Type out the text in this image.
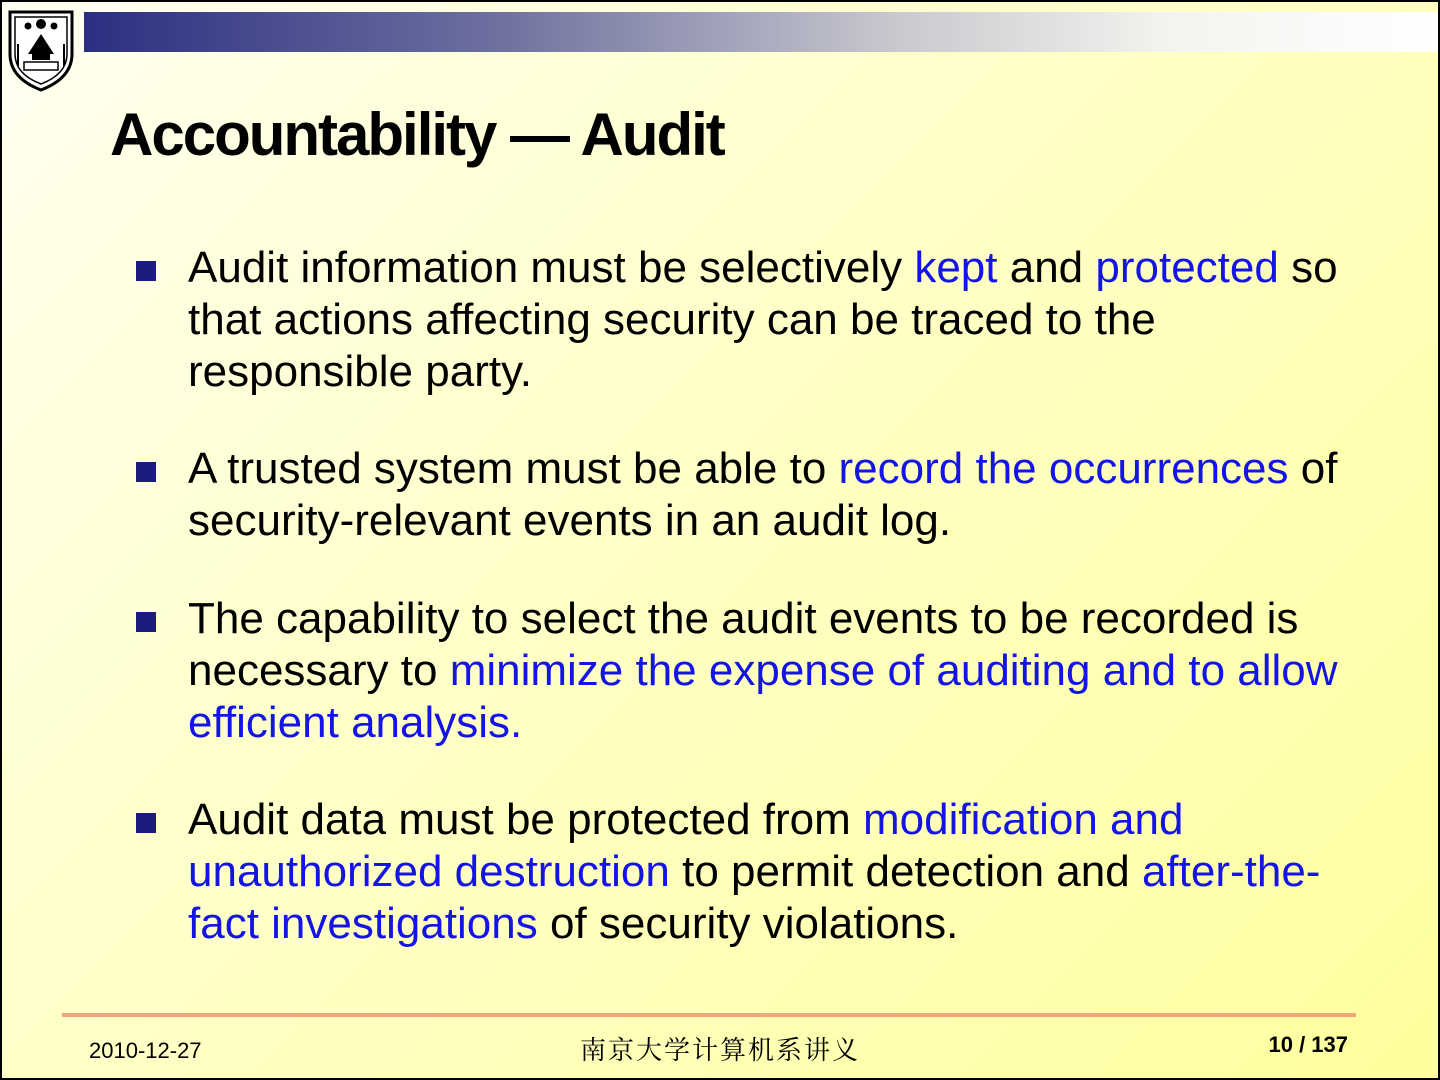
Accountability — Audit
Audit information must be selectively kept and protected so that actions affecting security can be traced to the responsible party.
A trusted system must be able to record the occurrences of security-relevant events in an audit log.
The capability to select the audit events to be recorded is necessary to minimize the expense of auditing and to allow efficient analysis.
Audit data must be protected from modification and unauthorized destruction to permit detection and after-the-fact investigations of security violations.
2010-12-27	南京大学计算机系讲义	10 / 137
